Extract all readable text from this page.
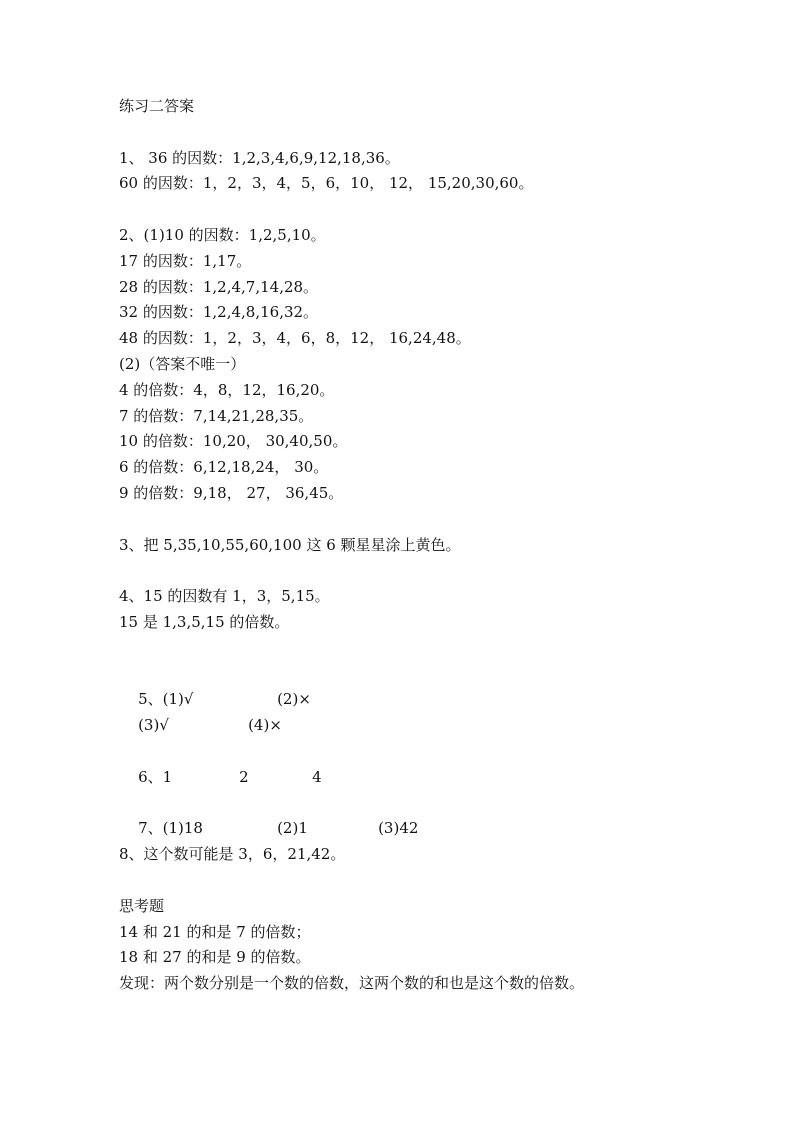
练习二答案
1、 36 的因数：1,2,3,4,6,9,12,18,36。
60 的因数：1，2，3，4，5，6，10， 12， 15,20,30,60。
2、(1)10 的因数：1,2,5,10。
17 的因数：1,17。
28 的因数：1,2,4,7,14,28。
32 的因数：1,2,4,8,16,32。
48 的因数：1，2，3，4，6，8，12， 16,24,48。
(2)（答案不唯一）
4 的倍数：4，8，12，16,20。
7 的倍数：7,14,21,28,35。
10 的倍数：10,20， 30,40,50。
6 的倍数：6,12,18,24， 30。
9 的倍数：9,18， 27， 36,45。
3、把 5,35,10,55,60,100 这 6 颗星星涂上黄色。
4、15 的因数有 1，3，5,15。
15 是 1,3,5,15 的倍数。

5、(1)√	(2)×

(3)√	(4)×

6、1	2	4

7、(1)18	(2)1	(3)42

8、这个数可能是 3，6，21,42。
思考题
14 和 21 的和是 7 的倍数；
18 和 27 的和是 9 的倍数。
发现：两个数分别是一个数的倍数，这两个数的和也是这个数的倍数。
